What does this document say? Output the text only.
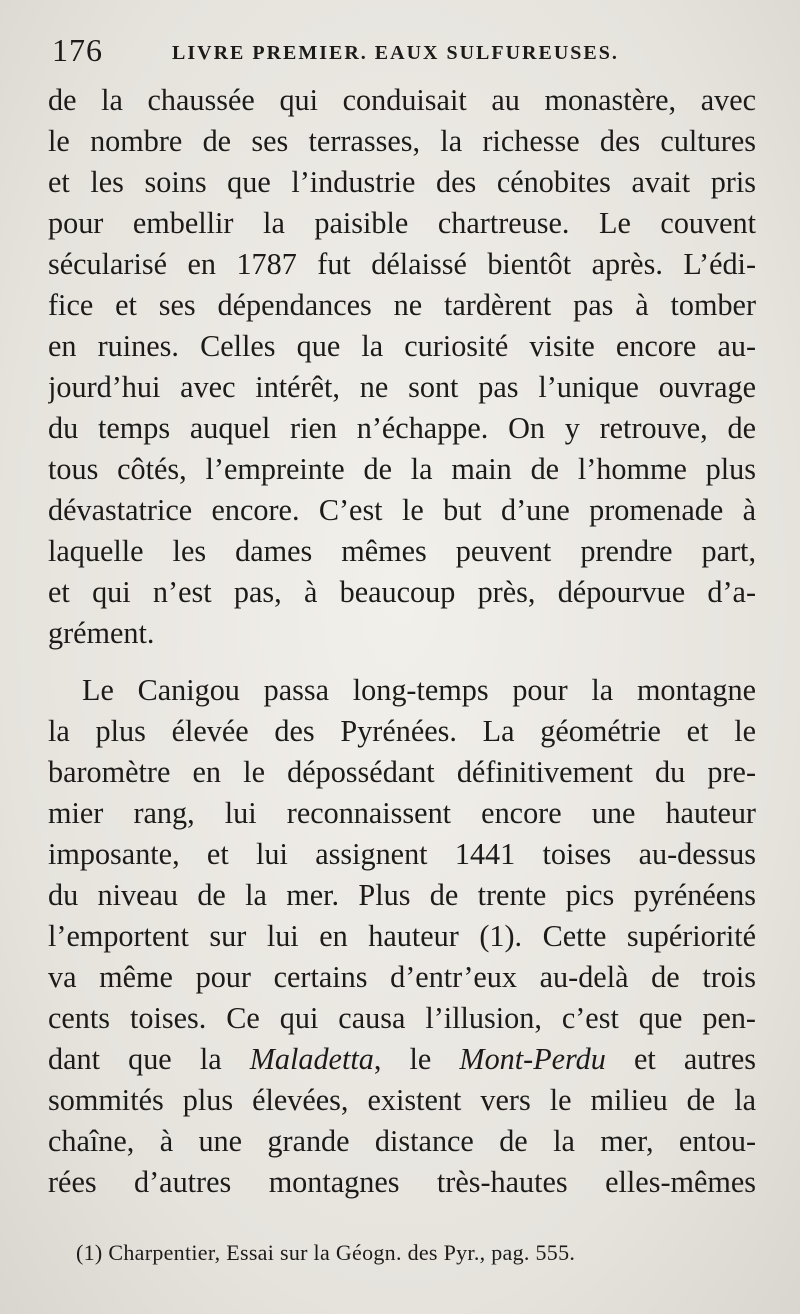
176	LIVRE PREMIER. EAUX SULFUREUSES.
de la chaussée qui conduisait au monastère, avec
le nombre de ses terrasses, la richesse des cultures
et les soins que l’industrie des cénobites avait pris
pour embellir la paisible chartreuse. Le couvent
sécularisé en 1787 fut délaissé bientôt après. L’édi-
fice et ses dépendances ne tardèrent pas à tomber
en ruines. Celles que la curiosité visite encore au-
jourd’hui avec intérêt, ne sont pas l’unique ouvrage
du temps auquel rien n’échappe. On y retrouve, de
tous côtés, l’empreinte de la main de l’homme plus
dévastatrice encore. C’est le but d’une promenade à
laquelle les dames mêmes peuvent prendre part,
et qui n’est pas, à beaucoup près, dépourvue d’a-
grément.
Le Canigou passa long-temps pour la montagne
la plus élevée des Pyrénées. La géométrie et le
baromètre en le dépossédant définitivement du pre-
mier rang, lui reconnaissent encore une hauteur
imposante, et lui assignent 1441 toises au-dessus
du niveau de la mer. Plus de trente pics pyrénéens
l’emportent sur lui en hauteur (1). Cette supériorité
va même pour certains d’entr’eux au-delà de trois
cents toises. Ce qui causa l’illusion, c’est que pen-
dant que la Maladetta, le Mont-Perdu et autres
sommités plus élevées, existent vers le milieu de la
chaîne, à une grande distance de la mer, entou-
rées d’autres montagnes très-hautes elles-mêmes
(1) Charpentier, Essai sur la Géogn. des Pyr., pag. 555.
